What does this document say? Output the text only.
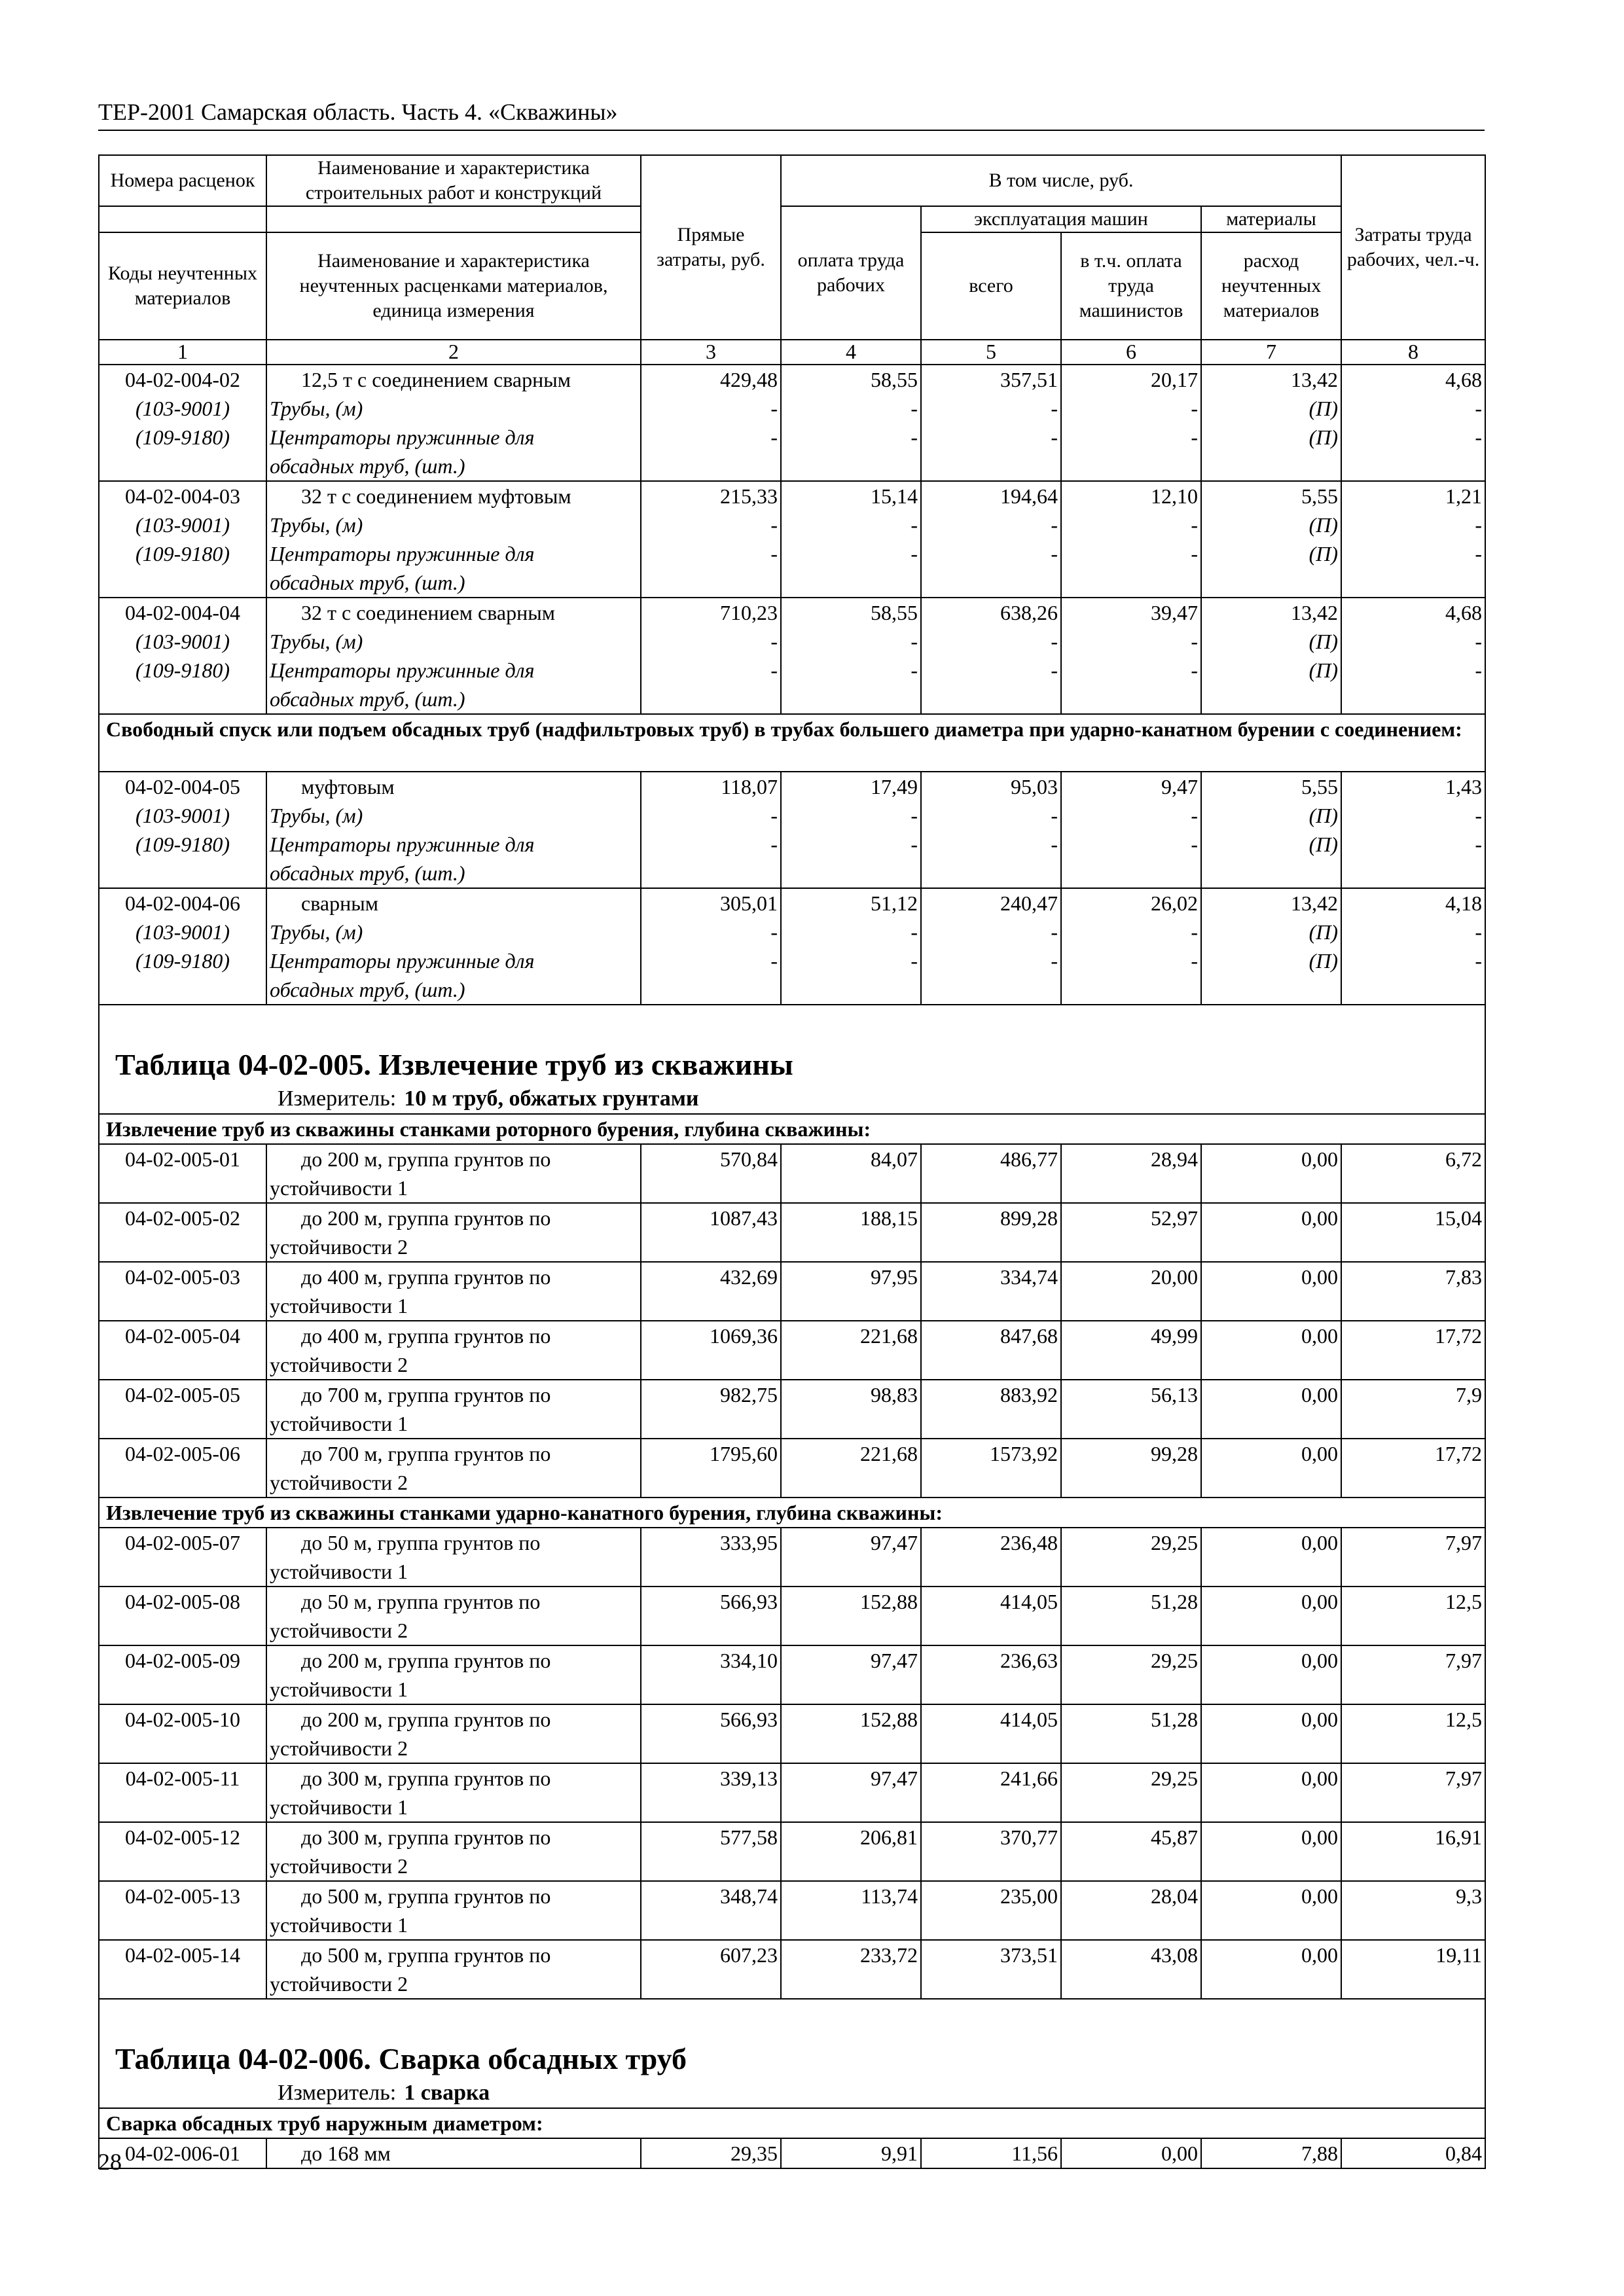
ТЕР-2001 Самарская область. Часть 4. «Скважины»
Номера расценок	Наименование и характеристика строительных работ и конструкций	Прямые затраты, руб.	В том числе, руб.				Затраты труда рабочих, чел.-ч.
			оплата труда рабочих	эксплуатация машин		материалы	
Коды неучтенных материалов	Наименование и характеристика неучтенных расценками материалов, единица измерения			всего	в т.ч. оплата труда машинистов	расход неучтенных материалов	
1	2	3	4	5	6	7	8
04-02-004-02	12,5 т с соединением сварным	429,48	58,55	357,51	20,17	13,42	4,68
(103-9001)	Трубы, (м)	-	-	-	-	(П)	-
(109-9180)	Центраторы пружинные для	-	-	-	-	(П)	-
	обсадных труб, (шт.)						
04-02-004-03	32 т с соединением муфтовым	215,33	15,14	194,64	12,10	5,55	1,21
(103-9001)	Трубы, (м)	-	-	-	-	(П)	-
(109-9180)	Центраторы пружинные для	-	-	-	-	(П)	-
	обсадных труб, (шт.)						
04-02-004-04	32 т с соединением сварным	710,23	58,55	638,26	39,47	13,42	4,68
(103-9001)	Трубы, (м)	-	-	-	-	(П)	-
(109-9180)	Центраторы пружинные для	-	-	-	-	(П)	-
	обсадных труб, (шт.)						
Свободный спуск или подъем обсадных труб (надфильтровых труб) в трубах большего диаметра при ударно-канатном бурении с соединением:							
04-02-004-05	муфтовым	118,07	17,49	95,03	9,47	5,55	1,43
(103-9001)	Трубы, (м)	-	-	-	-	(П)	-
(109-9180)	Центраторы пружинные для	-	-	-	-	(П)	-
	обсадных труб, (шт.)						
04-02-004-06	сварным	305,01	51,12	240,47	26,02	13,42	4,18
(103-9001)	Трубы, (м)	-	-	-	-	(П)	-
(109-9180)	Центраторы пружинные для	-	-	-	-	(П)	-
	обсадных труб, (шт.)						

Таблица 04-02-005. Извлечение труб из скважины							
Измеритель: 10 м труб, обжатых грунтами							
Извлечение труб из скважины станками роторного бурения, глубина скважины:							
04-02-005-01	до 200 м, группа грунтов по	570,84	84,07	486,77	28,94	0,00	6,72
	устойчивости 1						
04-02-005-02	до 200 м, группа грунтов по	1087,43	188,15	899,28	52,97	0,00	15,04
	устойчивости 2						
04-02-005-03	до 400 м, группа грунтов по	432,69	97,95	334,74	20,00	0,00	7,83
	устойчивости 1						
04-02-005-04	до 400 м, группа грунтов по	1069,36	221,68	847,68	49,99	0,00	17,72
	устойчивости 2						
04-02-005-05	до 700 м, группа грунтов по	982,75	98,83	883,92	56,13	0,00	7,9
	устойчивости 1						
04-02-005-06	до 700 м, группа грунтов по	1795,60	221,68	1573,92	99,28	0,00	17,72
	устойчивости 2						
Извлечение труб из скважины станками ударно-канатного бурения, глубина скважины:							
04-02-005-07	до 50 м, группа грунтов по	333,95	97,47	236,48	29,25	0,00	7,97
	устойчивости 1						
04-02-005-08	до 50 м, группа грунтов по	566,93	152,88	414,05	51,28	0,00	12,5
	устойчивости 2						
04-02-005-09	до 200 м, группа грунтов по	334,10	97,47	236,63	29,25	0,00	7,97
	устойчивости 1						
04-02-005-10	до 200 м, группа грунтов по	566,93	152,88	414,05	51,28	0,00	12,5
	устойчивости 2						
04-02-005-11	до 300 м, группа грунтов по	339,13	97,47	241,66	29,25	0,00	7,97
	устойчивости 1						
04-02-005-12	до 300 м, группа грунтов по	577,58	206,81	370,77	45,87	0,00	16,91
	устойчивости 2						
04-02-005-13	до 500 м, группа грунтов по	348,74	113,74	235,00	28,04	0,00	9,3
	устойчивости 1						
04-02-005-14	до 500 м, группа грунтов по	607,23	233,72	373,51	43,08	0,00	19,11
	устойчивости 2						

Таблица 04-02-006. Сварка обсадных труб							
Измеритель: 1 сварка							
Сварка обсадных труб наружным диаметром:							
04-02-006-01	до 168 мм	29,35	9,91	11,56	0,00	7,88	0,84
28
